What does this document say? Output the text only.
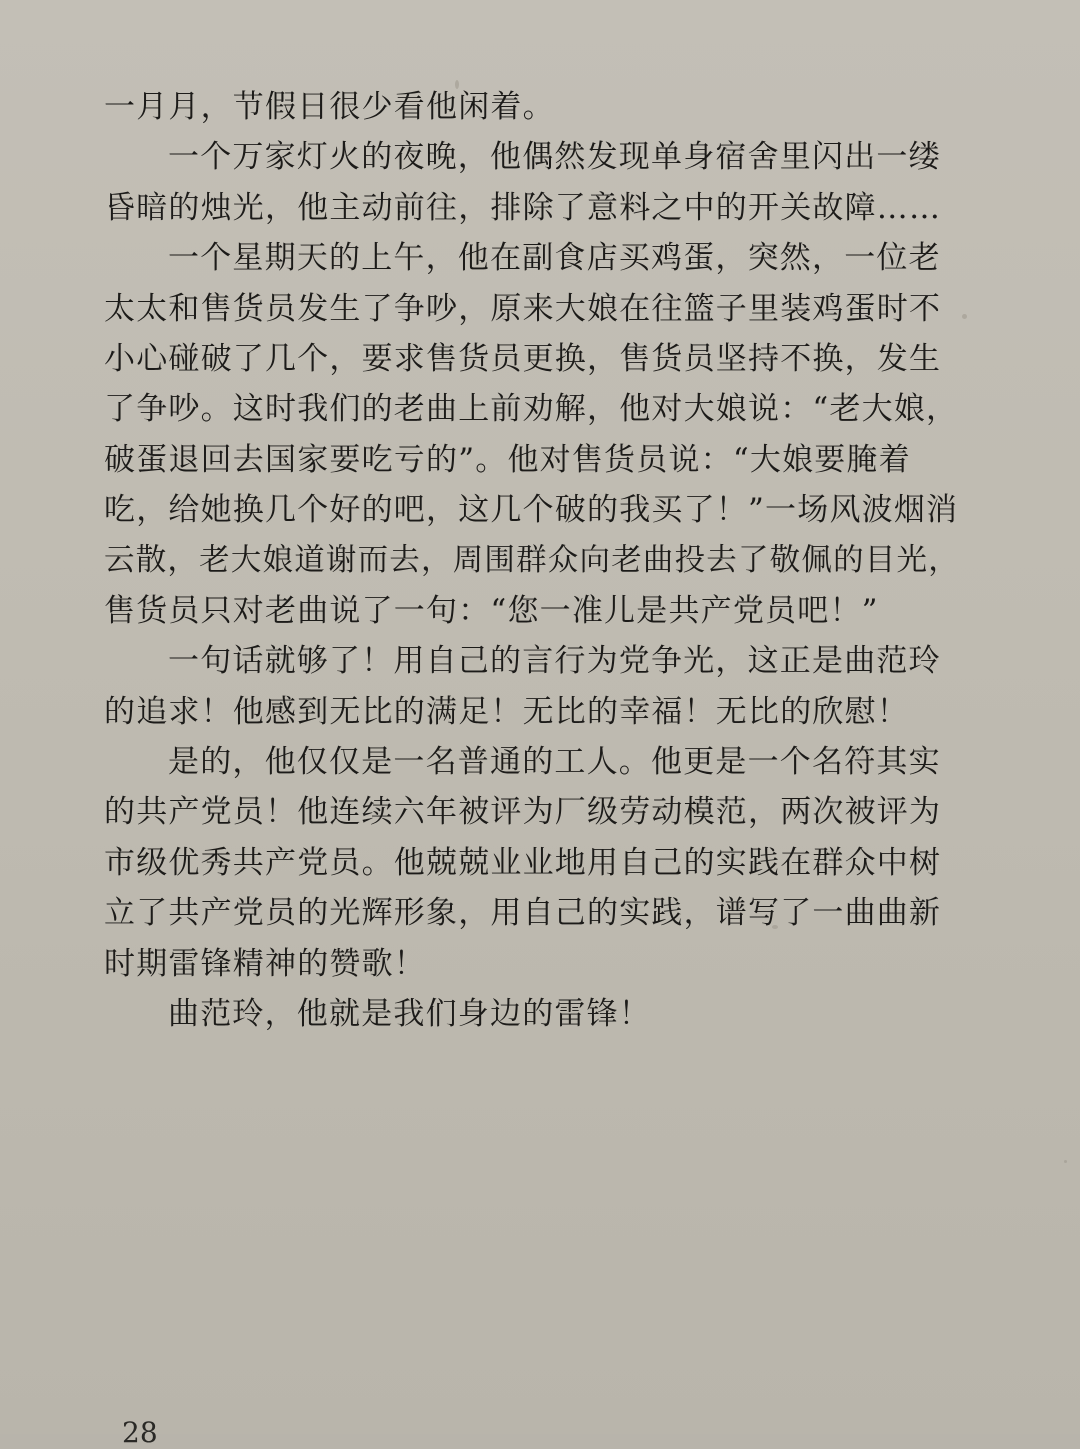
一月月，节假日很少看他闲着。
一个万家灯火的夜晚，他偶然发现单身宿舍里闪出一缕
昏暗的烛光，他主动前往，排除了意料之中的开关故障……
一个星期天的上午，他在副食店买鸡蛋，突然，一位老
太太和售货员发生了争吵，原来大娘在往篮子里装鸡蛋时不
小心碰破了几个，要求售货员更换，售货员坚持不换，发生
了争吵。这时我们的老曲上前劝解，他对大娘说：“老大娘，
破蛋退回去国家要吃亏的”。他对售货员说：“大娘要腌着
吃，给她换几个好的吧，这几个破的我买了！”一场风波烟消
云散，老大娘道谢而去，周围群众向老曲投去了敬佩的目光，
售货员只对老曲说了一句：“您一准儿是共产党员吧！”
一句话就够了！用自己的言行为党争光，这正是曲范玲
的追求！他感到无比的满足！无比的幸福！无比的欣慰！
是的，他仅仅是一名普通的工人。他更是一个名符其实
的共产党员！他连续六年被评为厂级劳动模范，两次被评为
市级优秀共产党员。他兢兢业业地用自己的实践在群众中树
立了共产党员的光辉形象，用自己的实践，谱写了一曲曲新
时期雷锋精神的赞歌！
曲范玲，他就是我们身边的雷锋！
28
